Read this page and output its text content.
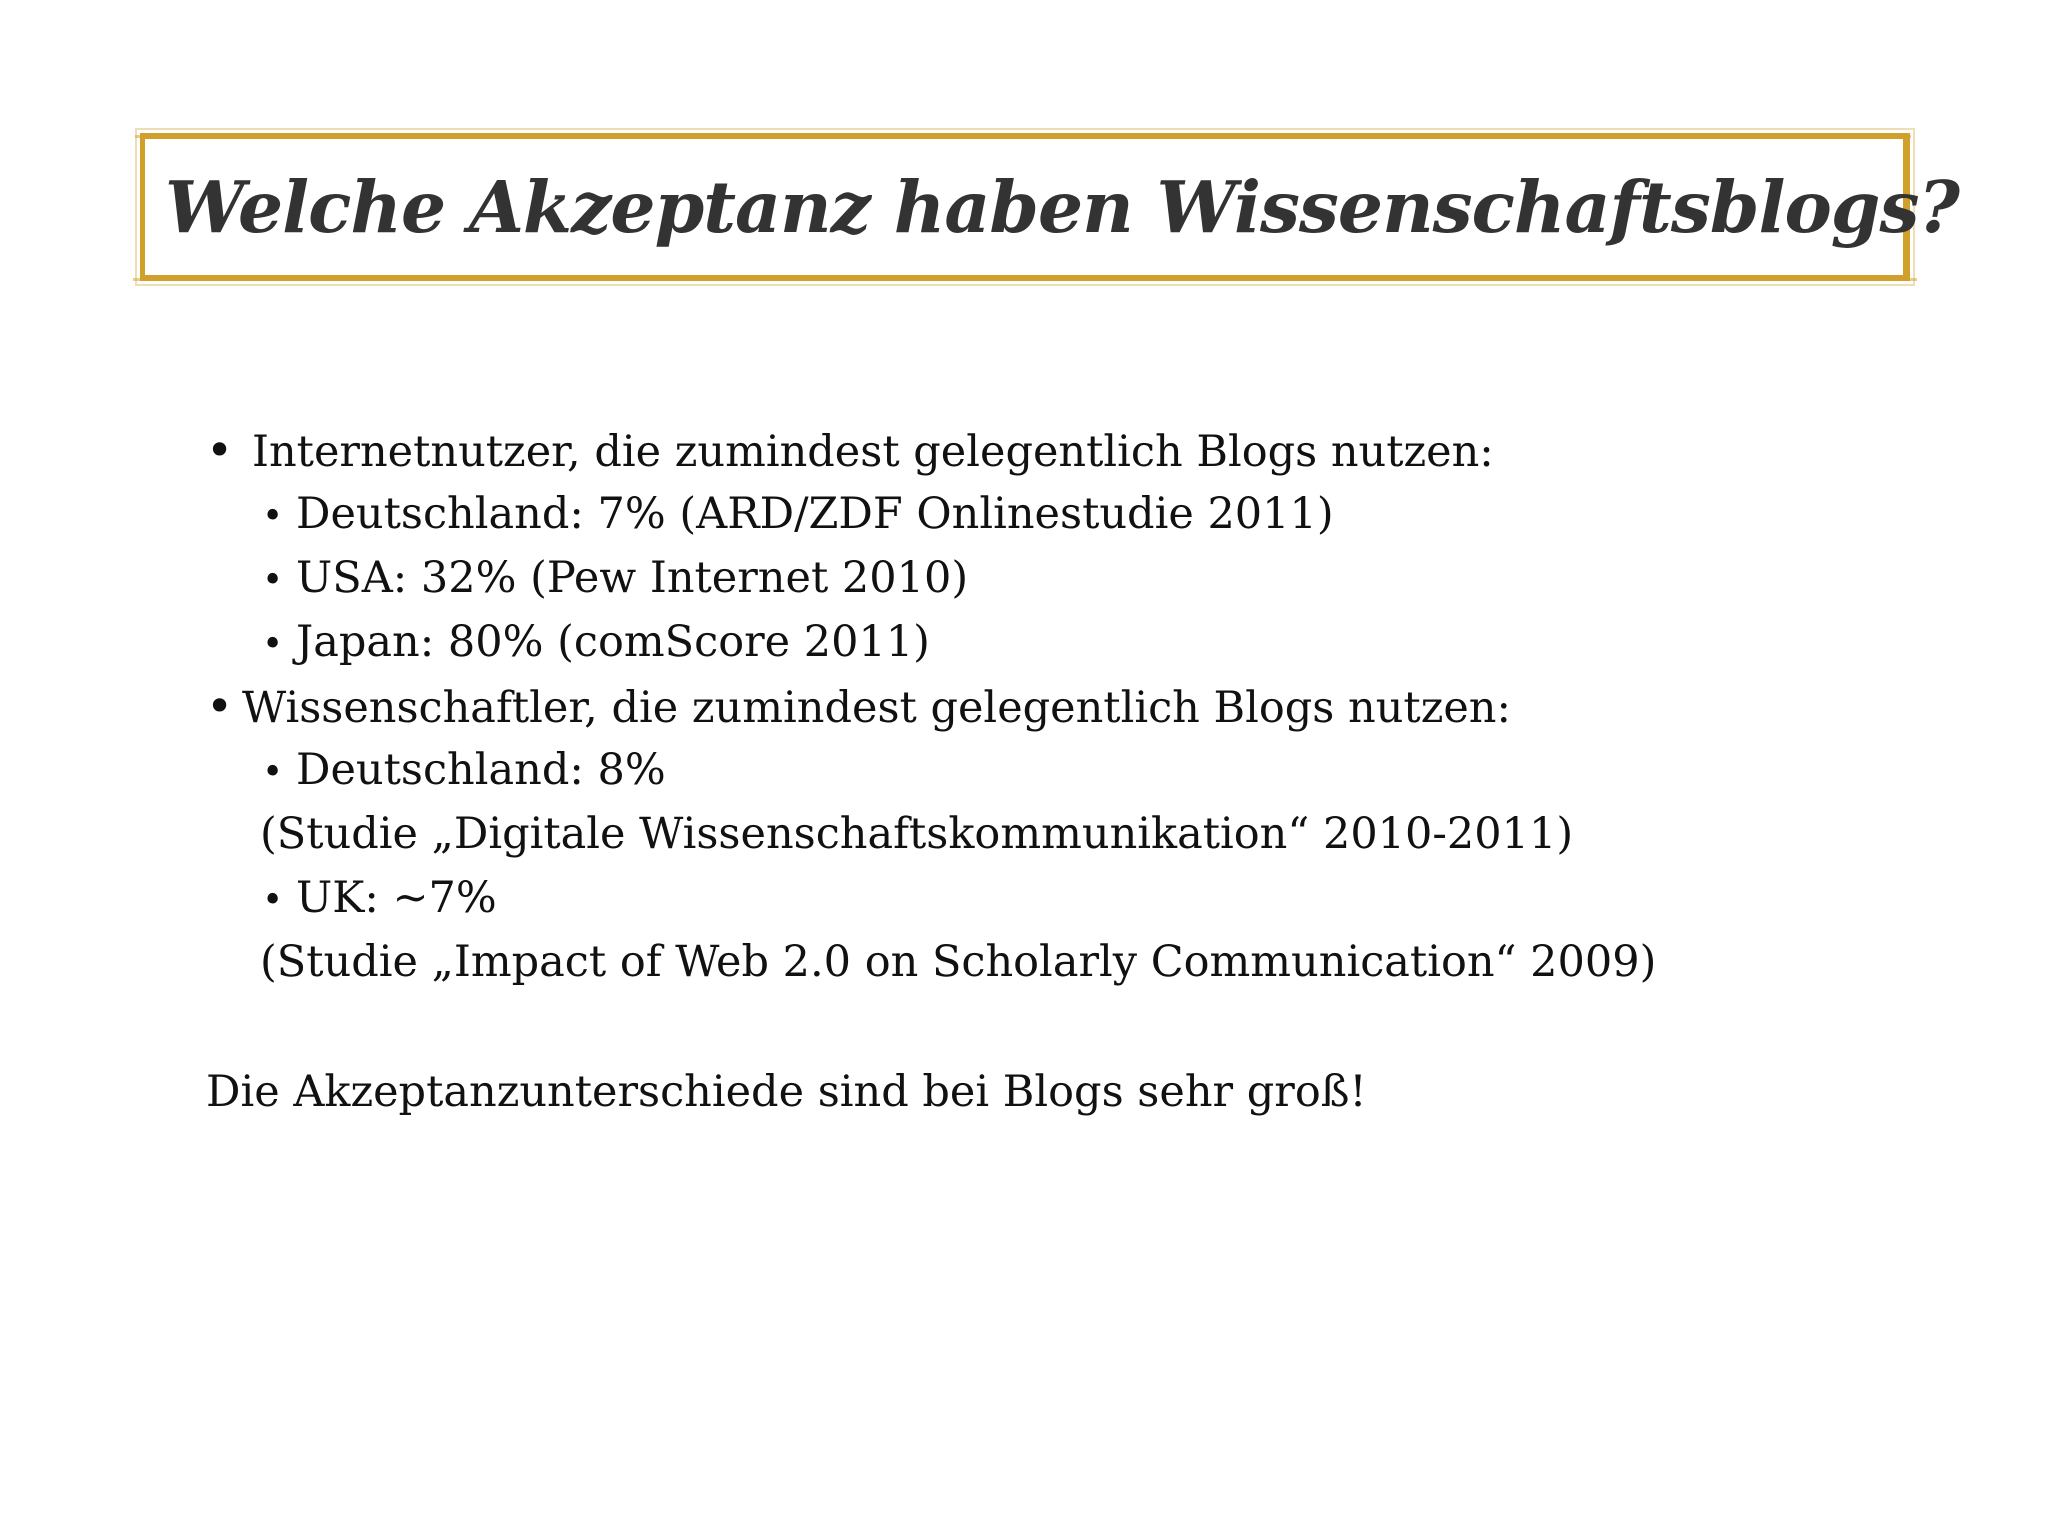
Welche Akzeptanz haben Wissenschaftsblogs?
• Internetnutzer, die zumindest gelegentlich Blogs nutzen:
• Deutschland: 7% (ARD/ZDF Onlinestudie 2011)
• USA: 32% (Pew Internet 2010)
• Japan: 80% (comScore 2011)
• Wissenschaftler, die zumindest gelegentlich Blogs nutzen:
• Deutschland: 8%
(Studie „Digitale Wissenschaftskommunikation“ 2010-2011)
• UK: ~7%
(Studie „Impact of Web 2.0 on Scholarly Communication“ 2009)
Die Akzeptanzunterschiede sind bei Blogs sehr groß!
